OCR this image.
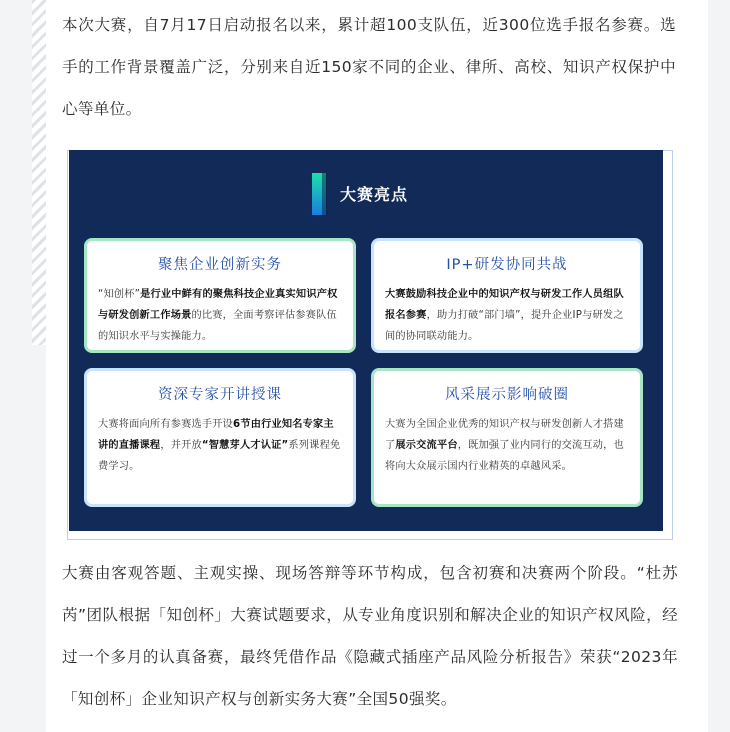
本次大赛，自7月17日启动报名以来，累计超100支队伍，近300位选手报名参赛。选手的工作背景覆盖广泛，分别来自近150家不同的企业、律所、高校、知识产权保护中心等单位。

大赛由客观答题、主观实操、现场答辩等环节构成，包含初赛和决赛两个阶段。“杜苏芮”团队根据「知创杯」大赛试题要求，从专业角度识别和解决企业的知识产权风险，经过一个多月的认真备赛，最终凭借作品《隐藏式插座产品风险分析报告》荣获“2023年「知创杯」企业知识产权与创新实务大赛”全国50强奖。

大赛亮点
聚焦企业创新实务
“知创杯”是行业中鲜有的聚焦科技企业真实知识产权与研发创新工作场景的比赛，全面考察评估参赛队伍的知识水平与实操能力。
IP+研发协同共战
大赛鼓励科技企业中的知识产权与研发工作人员组队报名参赛，助力打破“部门墙”，提升企业IP与研发之间的协同联动能力。
资深专家开讲授课
大赛将面向所有参赛选手开设6节由行业知名专家主讲的直播课程，并开放“智慧芽人才认证”系列课程免费学习。
风采展示影响破圈
大赛为全国企业优秀的知识产权与研发创新人才搭建了展示交流平台，既加强了业内同行的交流互动，也将向大众展示国内行业精英的卓越风采。
